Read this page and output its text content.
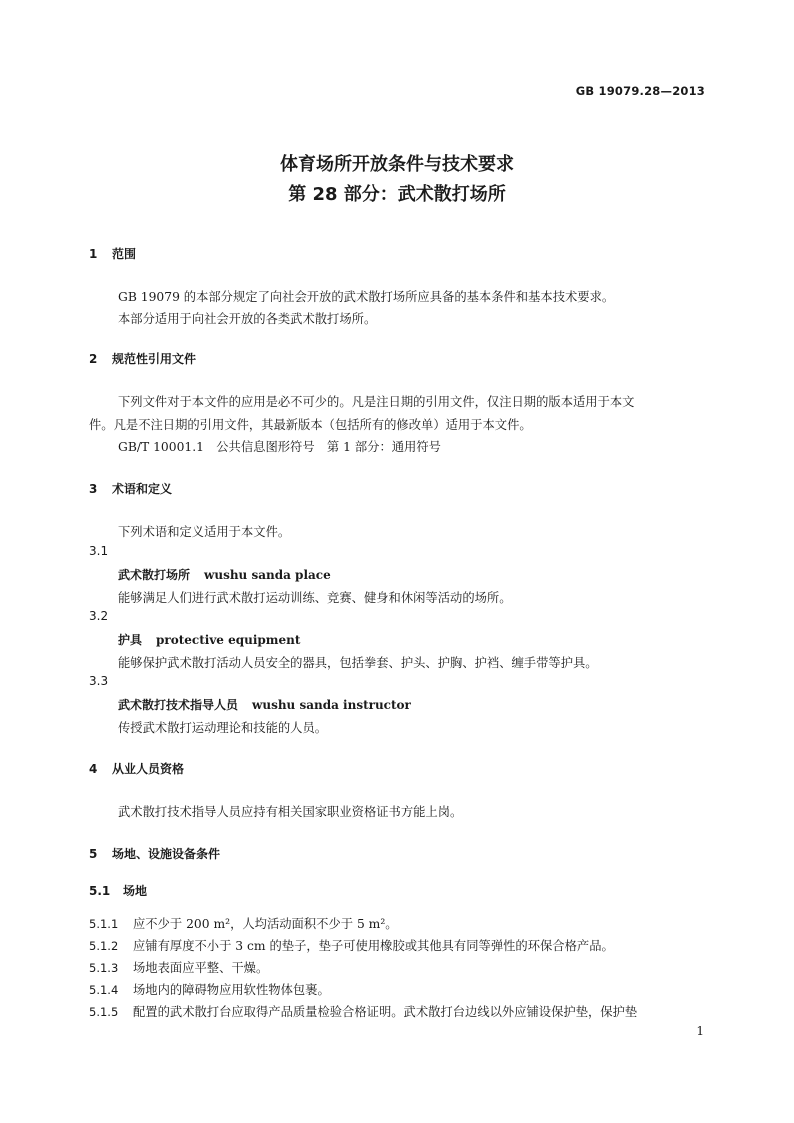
GB 19079.28—2013
体育场所开放条件与技术要求
第 28 部分：武术散打场所
1 范围
GB 19079 的本部分规定了向社会开放的武术散打场所应具备的基本条件和基本技术要求。
本部分适用于向社会开放的各类武术散打场所。
2 规范性引用文件
下列文件对于本文件的应用是必不可少的。凡是注日期的引用文件，仅注日期的版本适用于本文
件。凡是不注日期的引用文件，其最新版本（包括所有的修改单）适用于本文件。
GB/T 10001.1　公共信息图形符号　第 1 部分：通用符号
3 术语和定义
下列术语和定义适用于本文件。
3.1
武术散打场所 wushu sanda place
能够满足人们进行武术散打运动训练、竞赛、健身和休闲等活动的场所。
3.2
护具 protective equipment
能够保护武术散打活动人员安全的器具，包括拳套、护头、护胸、护裆、缠手带等护具。
3.3
武术散打技术指导人员 wushu sanda instructor
传授武术散打运动理论和技能的人员。
4 从业人员资格
武术散打技术指导人员应持有相关国家职业资格证书方能上岗。
5 场地、设施设备条件
5.1 场地
5.1.1 应不少于 200 m²，人均活动面积不少于 5 m²。
5.1.2 应铺有厚度不小于 3 cm 的垫子，垫子可使用橡胶或其他具有同等弹性的环保合格产品。
5.1.3 场地表面应平整、干燥。
5.1.4 场地内的障碍物应用软性物体包裹。
5.1.5 配置的武术散打台应取得产品质量检验合格证明。武术散打台边线以外应铺设保护垫，保护垫
1
